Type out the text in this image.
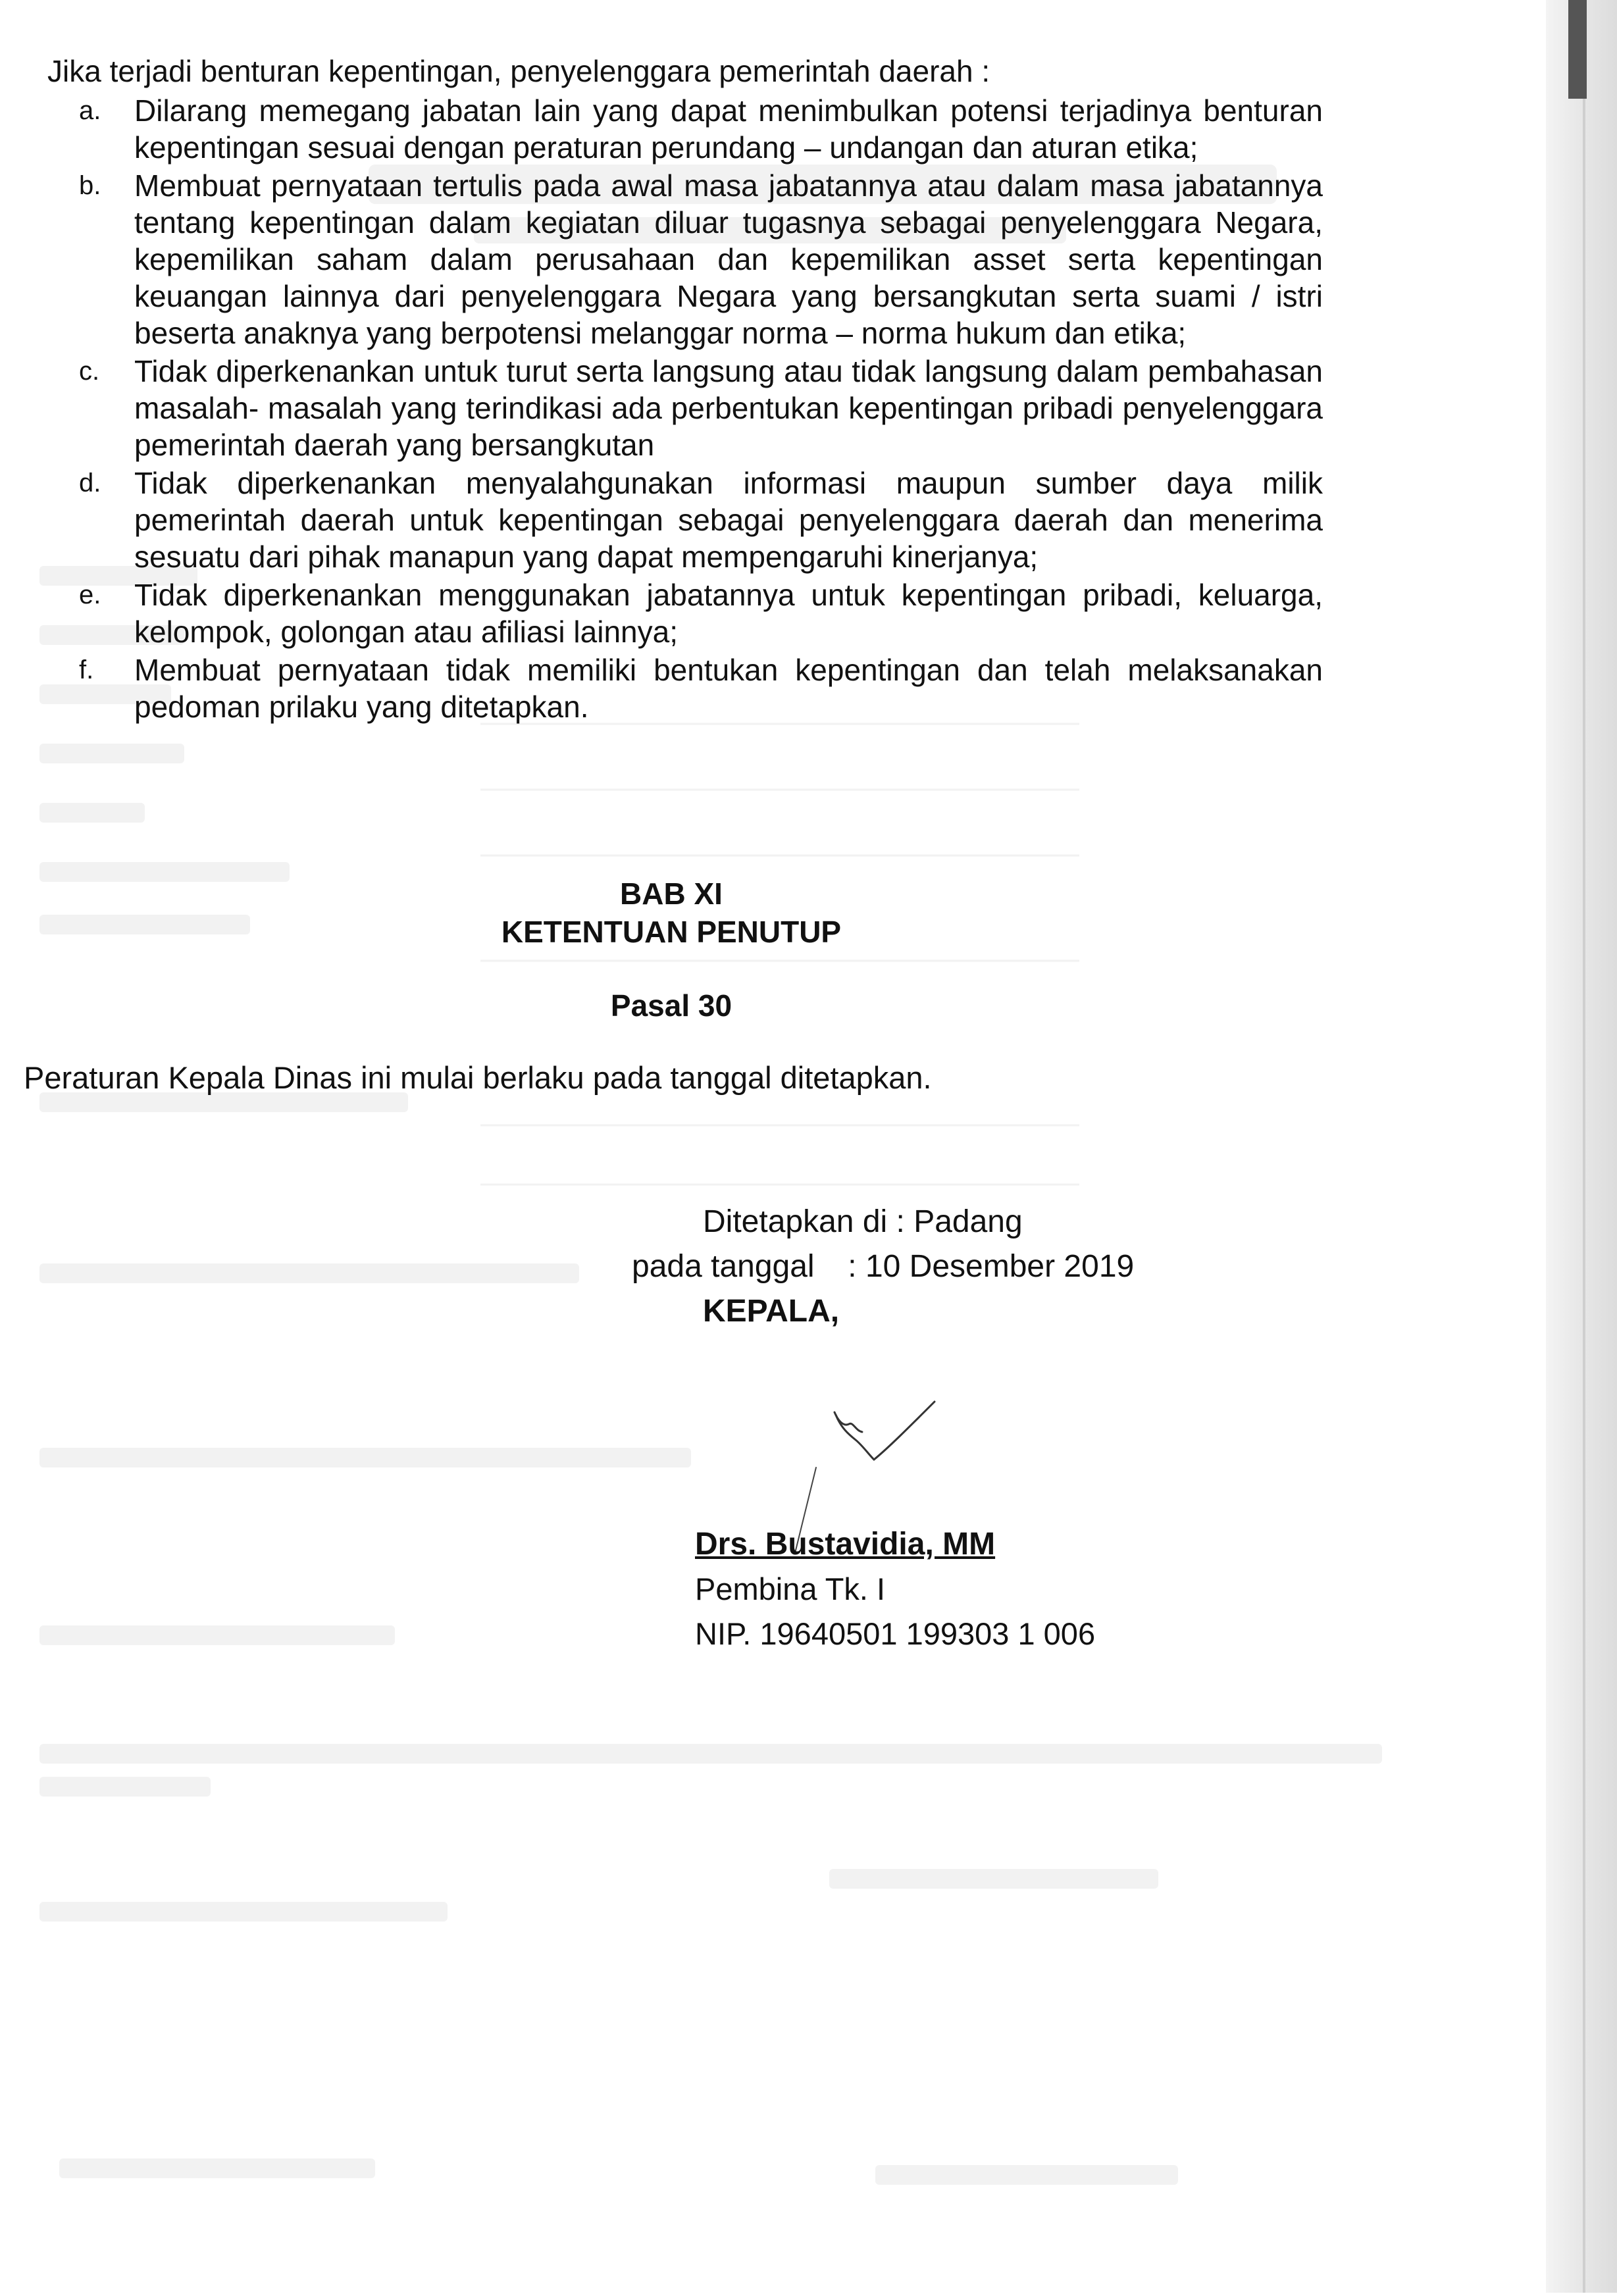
Jika terjadi benturan kepentingan, penyelenggara pemerintah daerah :
a.	Dilarang memegang jabatan lain yang dapat menimbulkan potensi terjadinya benturan kepentingan sesuai dengan peraturan perundang – undangan dan aturan etika;
b.	Membuat pernyataan tertulis pada awal masa jabatannya atau dalam masa jabatannya tentang kepentingan dalam kegiatan diluar tugasnya sebagai penyelenggara Negara, kepemilikan saham dalam perusahaan dan kepemilikan asset serta kepentingan keuangan lainnya dari penyelenggara Negara yang bersangkutan serta suami / istri beserta anaknya yang berpotensi melanggar norma – norma hukum dan etika;
c.	Tidak diperkenankan untuk turut serta langsung atau tidak langsung dalam pembahasan masalah- masalah yang terindikasi ada perbentukan kepentingan pribadi penyelenggara pemerintah daerah yang bersangkutan
d.	Tidak diperkenankan menyalahgunakan informasi maupun sumber daya milik pemerintah daerah untuk kepentingan sebagai penyelenggara daerah dan menerima sesuatu dari pihak manapun yang dapat mempengaruhi kinerjanya;
e.	Tidak diperkenankan menggunakan jabatannya untuk kepentingan pribadi, keluarga, kelompok, golongan atau afiliasi lainnya;
f.	Membuat pernyataan tidak memiliki bentukan kepentingan dan telah melaksanakan pedoman prilaku yang ditetapkan.
BAB XI
KETENTUAN PENUTUP
Pasal 30
Peraturan Kepala Dinas ini mulai berlaku pada tanggal ditetapkan.
Ditetapkan di : Padang
pada tanggal : 10 Desember 2019
KEPALA,
Drs. Bustavidia, MM
Pembina Tk. I
NIP. 19640501 199303 1 006
